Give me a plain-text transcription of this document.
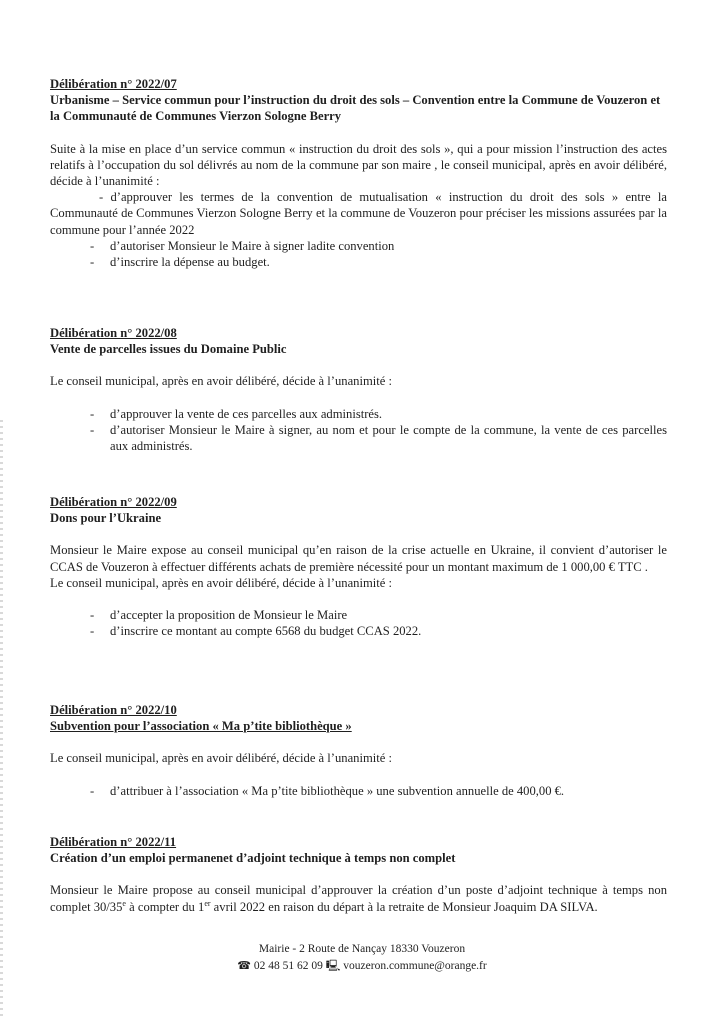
Délibération n° 2022/07
Urbanisme – Service commun pour l’instruction du droit des sols – Convention entre la Commune de Vouzeron et la Communauté de Communes Vierzon Sologne Berry

Suite à la mise en place d’un service commun « instruction du droit des sols », qui a pour mission l’instruction des actes relatifs à l’occupation du sol délivrés au nom de la commune par son maire , le conseil municipal, après en avoir délibéré, décide à l’unanimité :

- d’approuver les termes de la convention de mutualisation « instruction du droit des sols » entre la Communauté de Communes Vierzon Sologne Berry et la commune de Vouzeron pour préciser les missions assurées par la commune pour l’année 2022

- d’autoriser Monsieur le Maire à signer ladite convention
- d’inscrire la dépense au budget.
Délibération n° 2022/08
Vente de parcelles issues du Domaine Public

Le conseil municipal, après en avoir délibéré, décide à l’unanimité :

- d’approuver la vente de ces parcelles aux administrés.
- d’autoriser Monsieur le Maire à signer, au nom et pour le compte de la commune, la vente de ces parcelles aux administrés.
Délibération n° 2022/09
Dons pour l’Ukraine

Monsieur le Maire expose au conseil municipal qu’en raison de la crise actuelle en Ukraine, il convient d’autoriser le CCAS de Vouzeron à effectuer différents achats de première nécessité pour un montant maximum de 1 000,00 € TTC .

Le conseil municipal, après en avoir délibéré, décide à l’unanimité :

- d’accepter la proposition de Monsieur le Maire
- d’inscrire ce montant au compte 6568 du budget CCAS 2022.
Délibération n° 2022/10
Subvention pour l’association « Ma p’tite bibliothèque »

Le conseil municipal, après en avoir délibéré, décide à l’unanimité :

- d’attribuer à l’association « Ma p’tite bibliothèque » une subvention annuelle de 400,00 €.
Délibération n° 2022/11
Création d’un emploi permanenet d’adjoint technique à temps non complet

Monsieur le Maire propose au conseil municipal d’approuver la création d’un poste d’adjoint technique à temps non complet 30/35e à compter du 1er avril 2022 en raison du départ à la retraite de Monsieur Joaquim DA SILVA.

Mairie - 2 Route de Nançay 18330 Vouzeron
☎ 02 48 51 62 09 🖳 vouzeron.commune@orange.fr
